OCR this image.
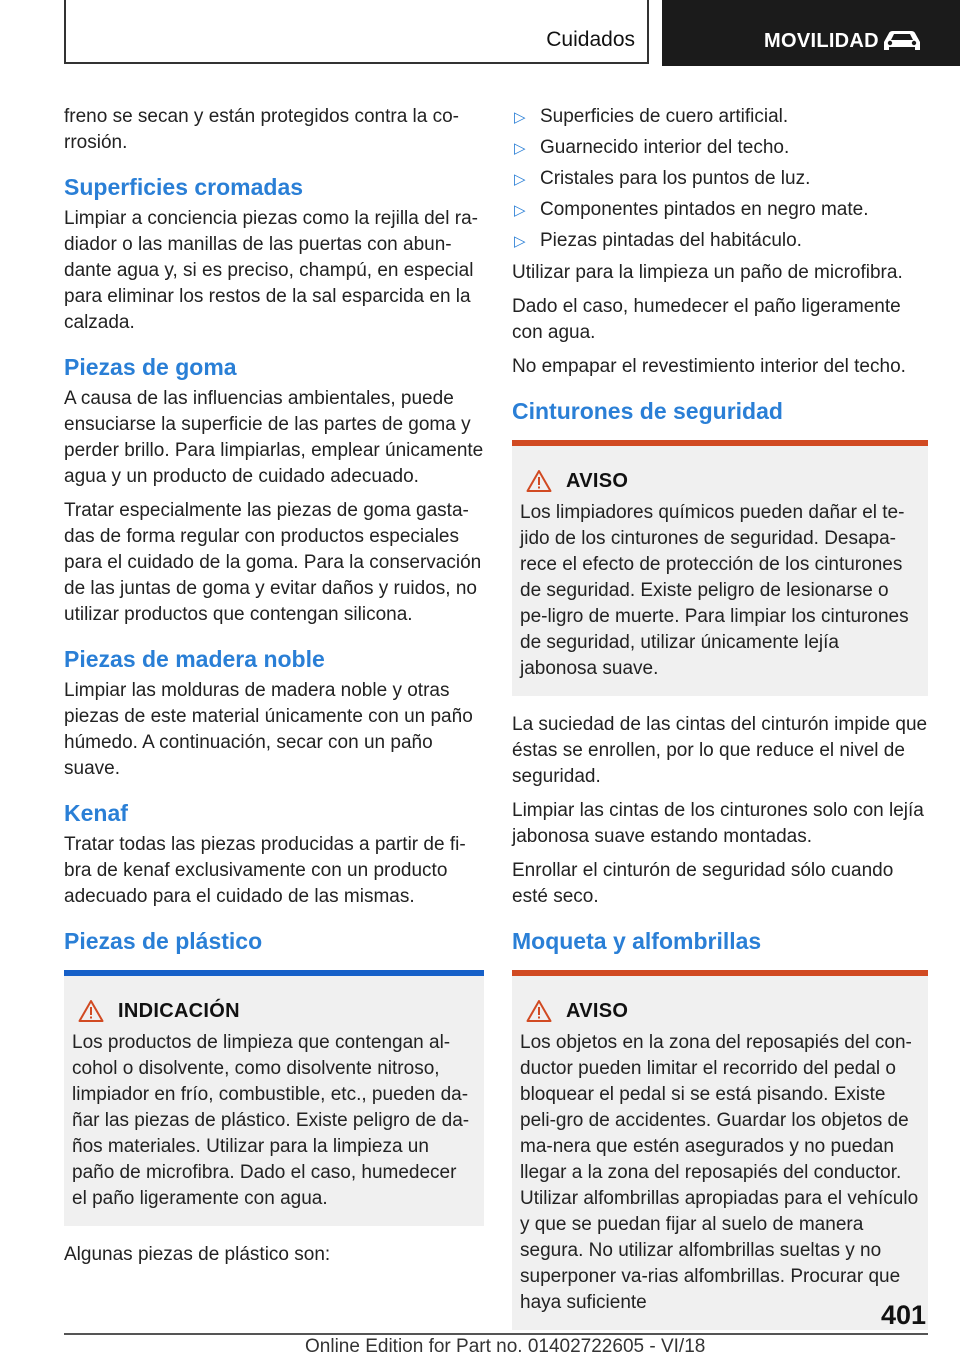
Cuidados	MOVILIDAD

freno se secan y están protegidos contra la co-rrosión.

Superficies cromadas

Limpiar a conciencia piezas como la rejilla del ra-diador o las manillas de las puertas con abun-dante agua y, si es preciso, champú, en especial para eliminar los restos de la sal esparcida en la calzada.

Piezas de goma

A causa de las influencias ambientales, puede ensuciarse la superficie de las partes de goma y perder brillo. Para limpiarlas, emplear únicamente agua y un producto de cuidado adecuado.

Tratar especialmente las piezas de goma gasta-das de forma regular con productos especiales para el cuidado de la goma. Para la conservación de las juntas de goma y evitar daños y ruidos, no utilizar productos que contengan silicona.

Piezas de madera noble

Limpiar las molduras de madera noble y otras piezas de este material únicamente con un paño húmedo. A continuación, secar con un paño suave.

Kenaf

Tratar todas las piezas producidas a partir de fi-bra de kenaf exclusivamente con un producto adecuado para el cuidado de las mismas.

Piezas de plástico
INDICACIÓN

Los productos de limpieza que contengan al-cohol o disolvente, como disolvente nitroso, limpiador en frío, combustible, etc., pueden da-ñar las piezas de plástico. Existe peligro de da-ños materiales. Utilizar para la limpieza un paño de microfibra. Dado el caso, humedecer el paño ligeramente con agua.

Algunas piezas de plástico son:

▷ Superficies de cuero artificial.
▷ Guarnecido interior del techo.
▷ Cristales para los puntos de luz.
▷ Componentes pintados en negro mate.
▷ Piezas pintadas del habitáculo.

Utilizar para la limpieza un paño de microfibra.

Dado el caso, humedecer el paño ligeramente con agua.

No empapar el revestimiento interior del techo.

Cinturones de seguridad
AVISO

Los limpiadores químicos pueden dañar el te-jido de los cinturones de seguridad. Desapa-rece el efecto de protección de los cinturones de seguridad. Existe peligro de lesionarse o pe-ligro de muerte. Para limpiar los cinturones de seguridad, utilizar únicamente lejía jabonosa suave.

La suciedad de las cintas del cinturón impide que éstas se enrollen, por lo que reduce el nivel de seguridad.

Limpiar las cintas de los cinturones solo con lejía jabonosa suave estando montadas.

Enrollar el cinturón de seguridad sólo cuando esté seco.

Moqueta y alfombrillas
AVISO

Los objetos en la zona del reposapiés del con-ductor pueden limitar el recorrido del pedal o bloquear el pedal si se está pisando. Existe peli-gro de accidentes. Guardar los objetos de ma-nera que estén asegurados y no puedan llegar a la zona del reposapiés del conductor. Utilizar alfombrillas apropiadas para el vehículo y que se puedan fijar al suelo de manera segura. No utilizar alfombrillas sueltas y no superponer va-rias alfombrillas. Procurar que haya suficiente	401
Online Edition for Part no. 01402722605 - VI/18
